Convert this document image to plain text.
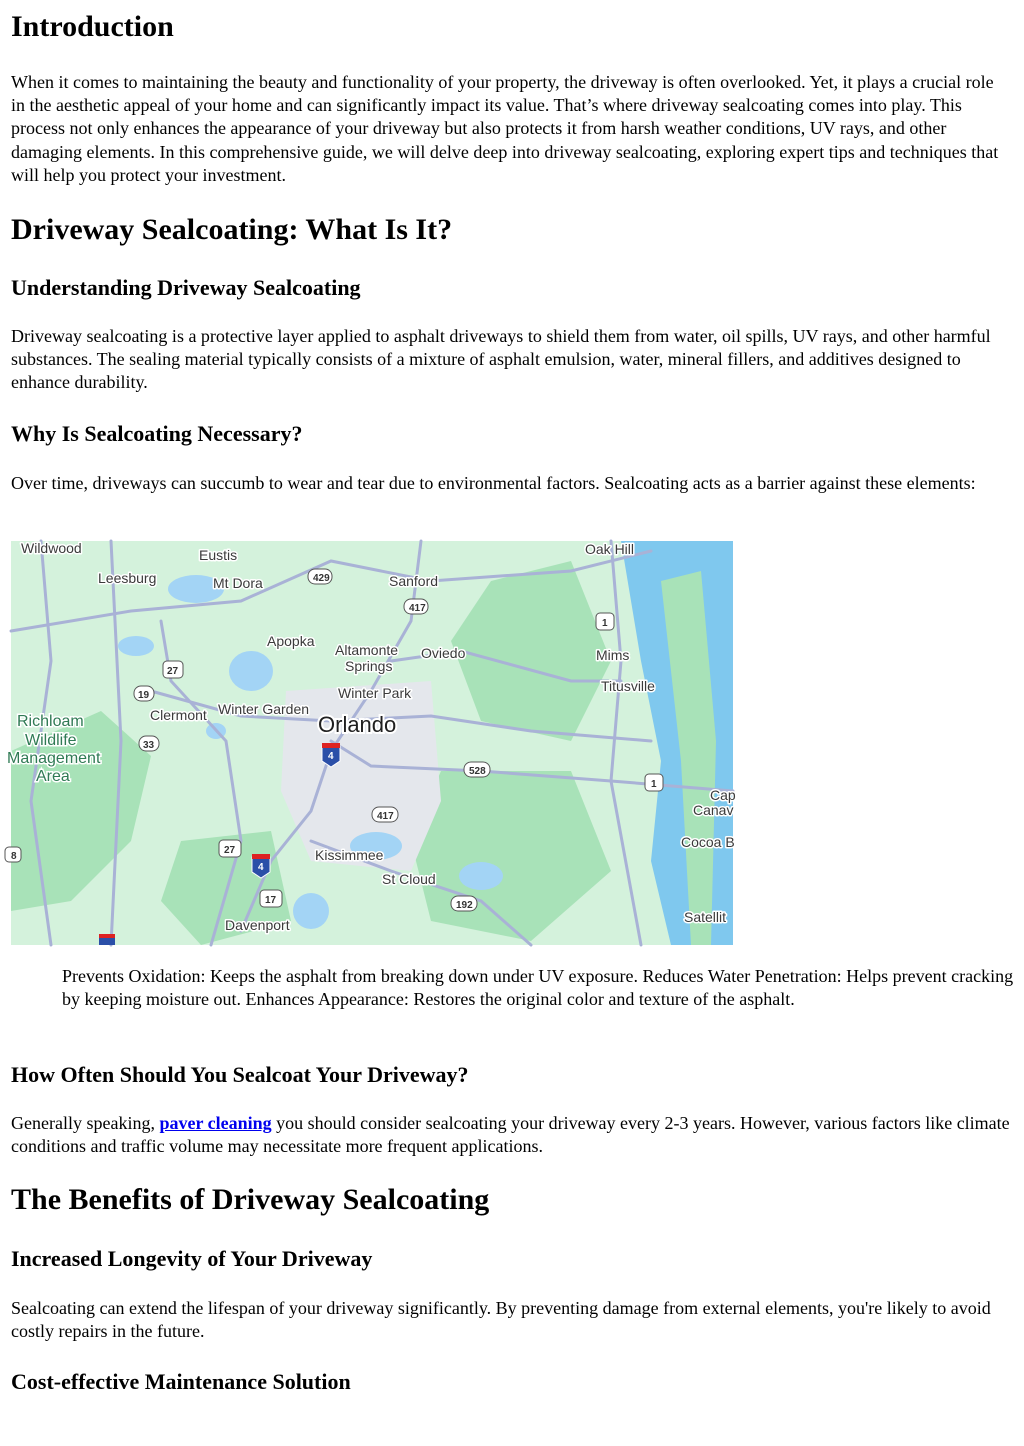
Introduction

When it comes to maintaining the beauty and functionality of your property, the driveway is often overlooked. Yet, it plays a crucial role in the aesthetic appeal of your home and can significantly impact its value. That’s where driveway sealcoating comes into play. This process not only enhances the appearance of your driveway but also protects it from harsh weather conditions, UV rays, and other damaging elements. In this comprehensive guide, we will delve deep into driveway sealcoating, exploring expert tips and techniques that will help you protect your investment.

Driveway Sealcoating: What Is It?
Understanding Driveway Sealcoating

Driveway sealcoating is a protective layer applied to asphalt driveways to shield them from water, oil spills, UV rays, and other harmful substances. The sealing material typically consists of a mixture of asphalt emulsion, water, mineral fillers, and additives designed to enhance durability.

Why Is Sealcoating Necessary?

Over time, driveways can succumb to wear and tear due to environmental factors. Sealcoating acts as a barrier against these elements:

Wildwood	Eustis	Oak Hill
Leesburg	Mt Dora	Sanford
Apopka
Altamonte
Springs
Oviedo	Mims
Titusville
Winter Park
Clermont Winter Garden
Orlando
Richloam
Wildlife
Management
Area
Cap
Canav
Cocoa B
Kissimmee
St Cloud
Davenport	Satellit
429
417
1
27
19
33
4
528
1
417
27
4
17	192
8

Prevents Oxidation: Keeps the asphalt from breaking down under UV exposure. Reduces Water Penetration: Helps prevent cracking by keeping moisture out. Enhances Appearance: Restores the original color and texture of the asphalt.

How Often Should You Sealcoat Your Driveway?

Generally speaking, paver cleaning you should consider sealcoating your driveway every 2-3 years. However, various factors like climate conditions and traffic volume may necessitate more frequent applications.

The Benefits of Driveway Sealcoating
Increased Longevity of Your Driveway

Sealcoating can extend the lifespan of your driveway significantly. By preventing damage from external elements, you're likely to avoid costly repairs in the future.

Cost-effective Maintenance Solution
